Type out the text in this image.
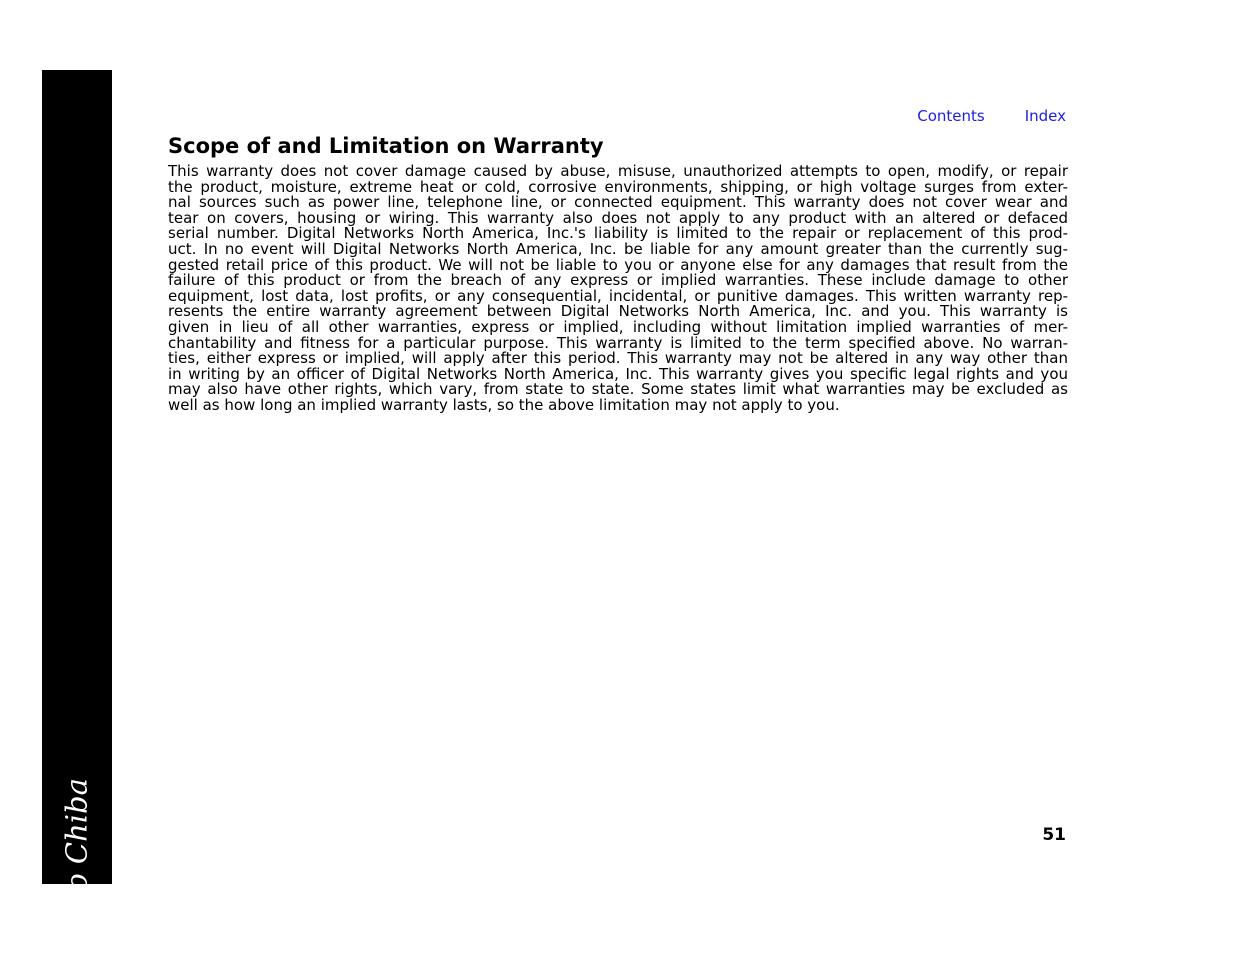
Rio Chiba
Contents	Index
Scope of and Limitation on Warranty
This warranty does not cover damage caused by abuse, misuse, unauthorized attempts to open, modify, or repair
the product, moisture, extreme heat or cold, corrosive environments, shipping, or high voltage surges from exter-
nal sources such as power line, telephone line, or connected equipment. This warranty does not cover wear and
tear on covers, housing or wiring. This warranty also does not apply to any product with an altered or defaced
serial number. Digital Networks North America, Inc.'s liability is limited to the repair or replacement of this prod-
uct. In no event will Digital Networks North America, Inc. be liable for any amount greater than the currently sug-
gested retail price of this product. We will not be liable to you or anyone else for any damages that result from the
failure of this product or from the breach of any express or implied warranties. These include damage to other
equipment, lost data, lost profits, or any consequential, incidental, or punitive damages. This written warranty rep-
resents the entire warranty agreement between Digital Networks North America, Inc. and you. This warranty is
given in lieu of all other warranties, express or implied, including without limitation implied warranties of mer-
chantability and fitness for a particular purpose. This warranty is limited to the term specified above. No warran-
ties, either express or implied, will apply after this period. This warranty may not be altered in any way other than
in writing by an officer of Digital Networks North America, Inc. This warranty gives you specific legal rights and you
may also have other rights, which vary, from state to state. Some states limit what warranties may be excluded as
well as how long an implied warranty lasts, so the above limitation may not apply to you.
51
